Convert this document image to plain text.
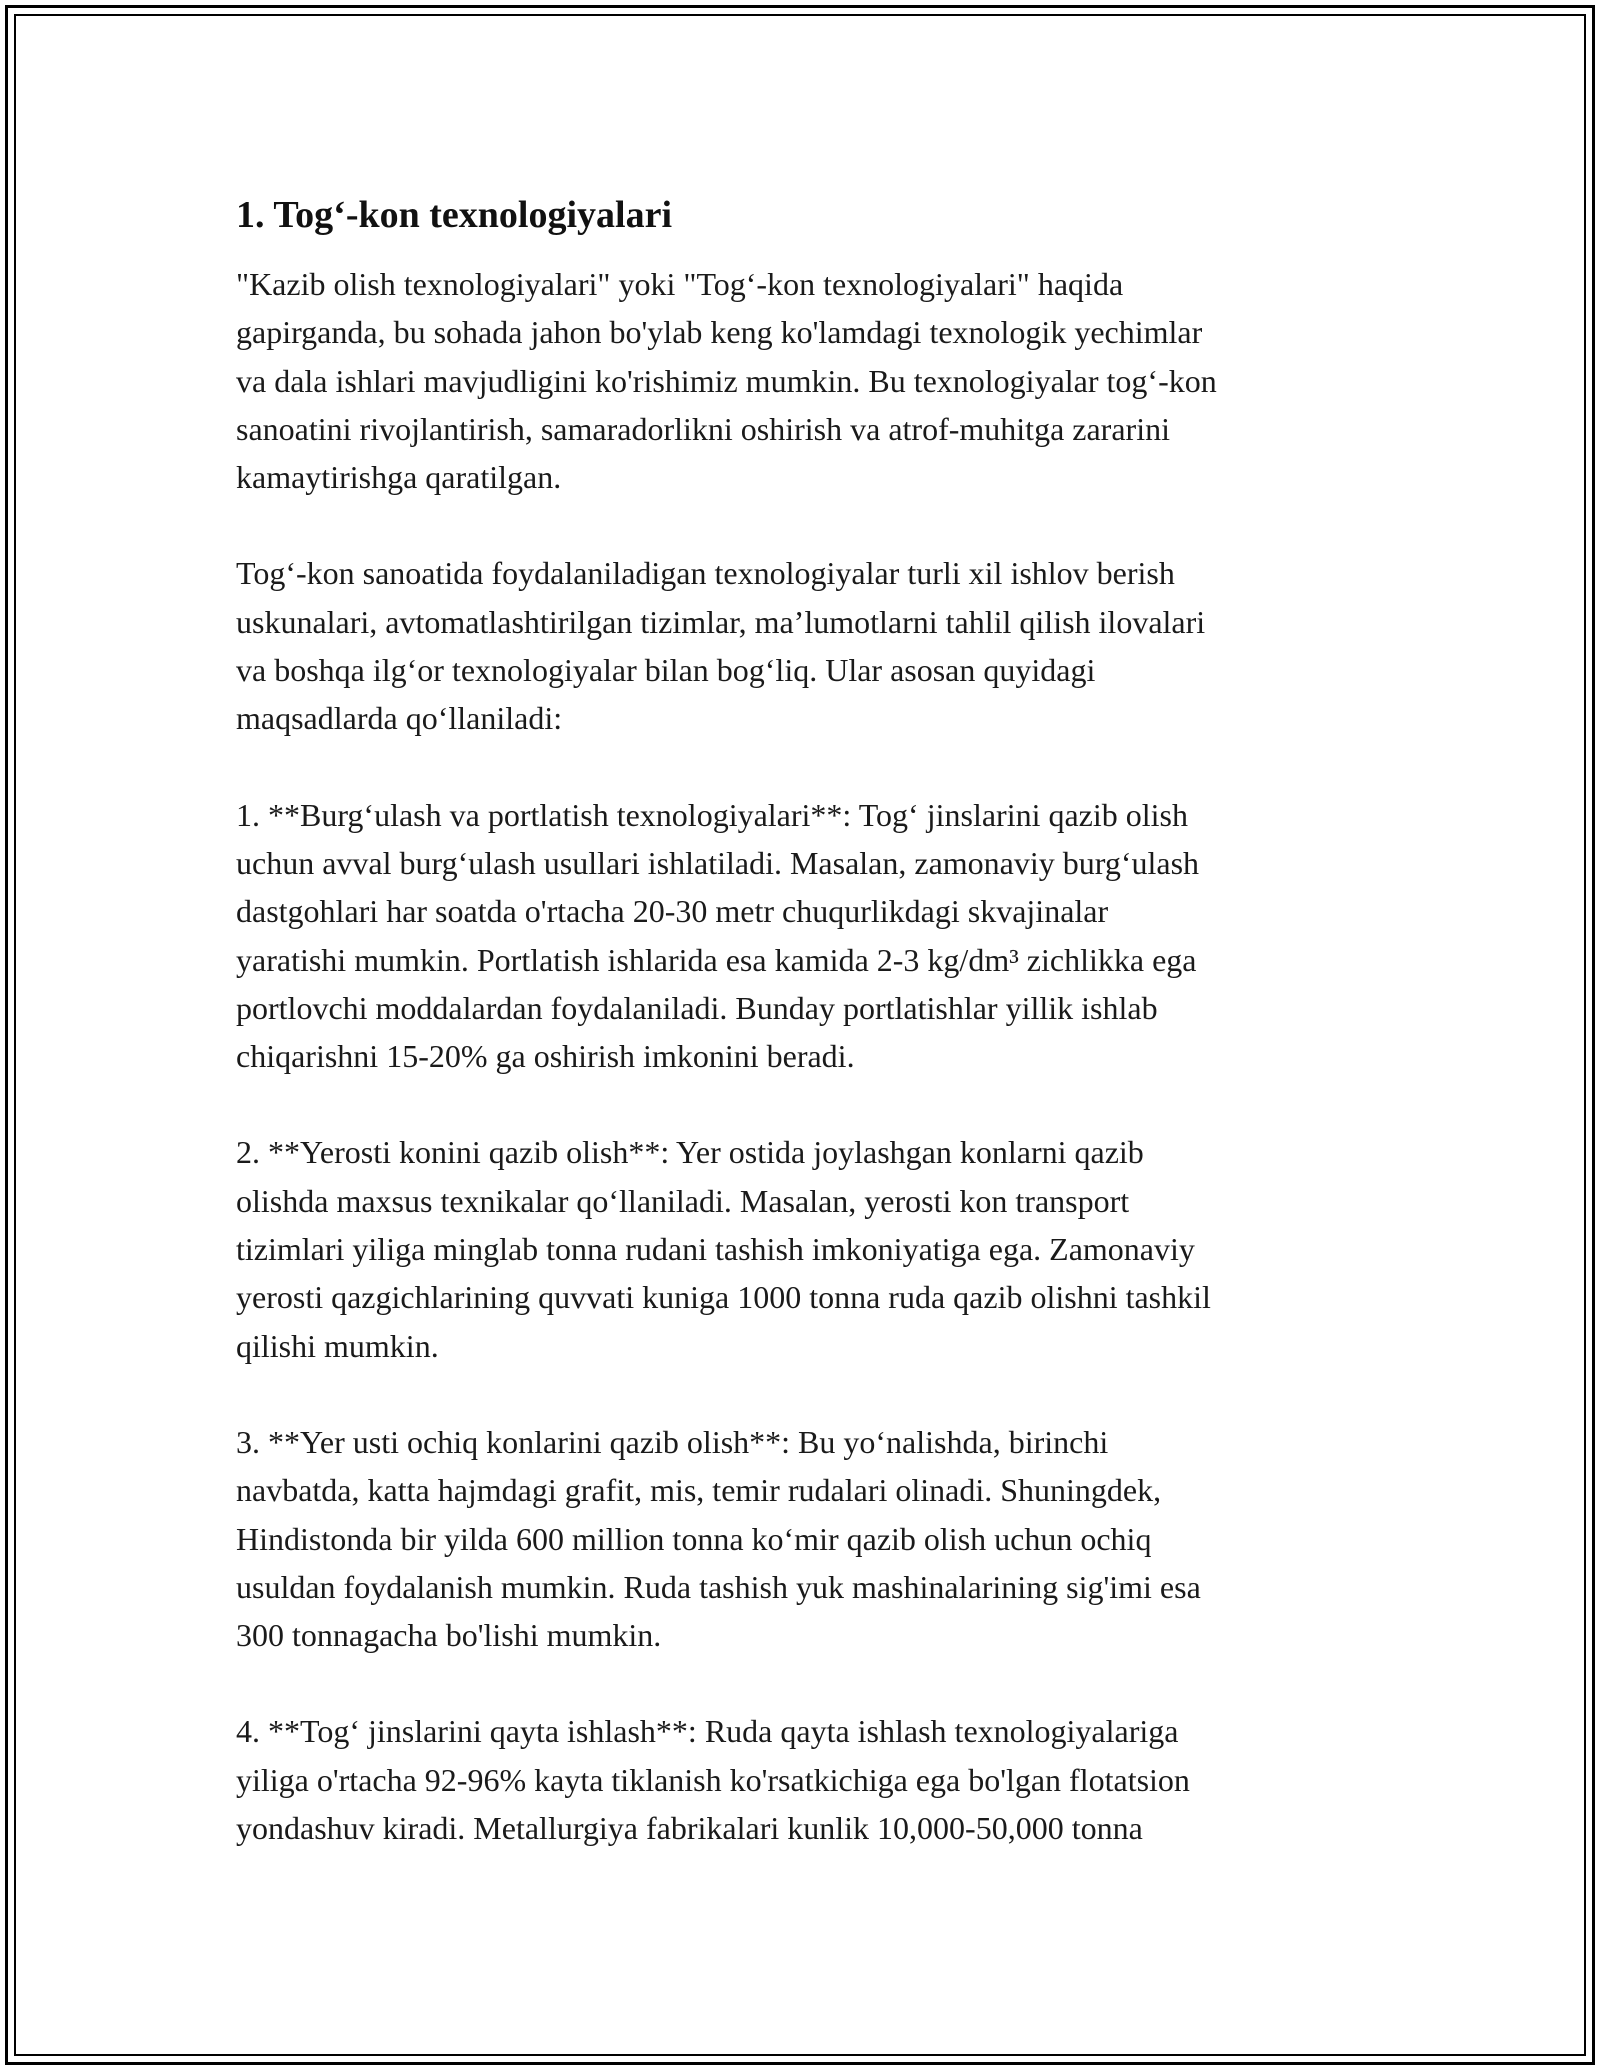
1. Tog‘-kon texnologiyalari

"Kazib olish texnologiyalari" yoki "Tog‘-kon texnologiyalari" haqida
gapirganda, bu sohada jahon bo'ylab keng ko'lamdagi texnologik yechimlar
va dala ishlari mavjudligini ko'rishimiz mumkin. Bu texnologiyalar tog‘-kon
sanoatini rivojlantirish, samaradorlikni oshirish va atrof-muhitga zararini
kamaytirishga qaratilgan.

Tog‘-kon sanoatida foydalaniladigan texnologiyalar turli xil ishlov berish
uskunalari, avtomatlashtirilgan tizimlar, ma’lumotlarni tahlil qilish ilovalari
va boshqa ilg‘or texnologiyalar bilan bog‘liq. Ular asosan quyidagi
maqsadlarda qo‘llaniladi:

1. **Burg‘ulash va portlatish texnologiyalari**: Tog‘ jinslarini qazib olish
uchun avval burg‘ulash usullari ishlatiladi. Masalan, zamonaviy burg‘ulash
dastgohlari har soatda o'rtacha 20-30 metr chuqurlikdagi skvajinalar
yaratishi mumkin. Portlatish ishlarida esa kamida 2-3 kg/dm³ zichlikka ega
portlovchi moddalardan foydalaniladi. Bunday portlatishlar yillik ishlab
chiqarishni 15-20% ga oshirish imkonini beradi.

2. **Yerosti konini qazib olish**: Yer ostida joylashgan konlarni qazib
olishda maxsus texnikalar qo‘llaniladi. Masalan, yerosti kon transport
tizimlari yiliga minglab tonna rudani tashish imkoniyatiga ega. Zamonaviy
yerosti qazgichlarining quvvati kuniga 1000 tonna ruda qazib olishni tashkil
qilishi mumkin.

3. **Yer usti ochiq konlarini qazib olish**: Bu yo‘nalishda, birinchi
navbatda, katta hajmdagi grafit, mis, temir rudalari olinadi. Shuningdek,
Hindistonda bir yilda 600 million tonna ko‘mir qazib olish uchun ochiq
usuldan foydalanish mumkin. Ruda tashish yuk mashinalarining sig'imi esa
300 tonnagacha bo'lishi mumkin.

4. **Tog‘ jinslarini qayta ishlash**: Ruda qayta ishlash texnologiyalariga
yiliga o'rtacha 92-96% kayta tiklanish ko'rsatkichiga ega bo'lgan flotatsion
yondashuv kiradi. Metallurgiya fabrikalari kunlik 10,000-50,000 tonna
